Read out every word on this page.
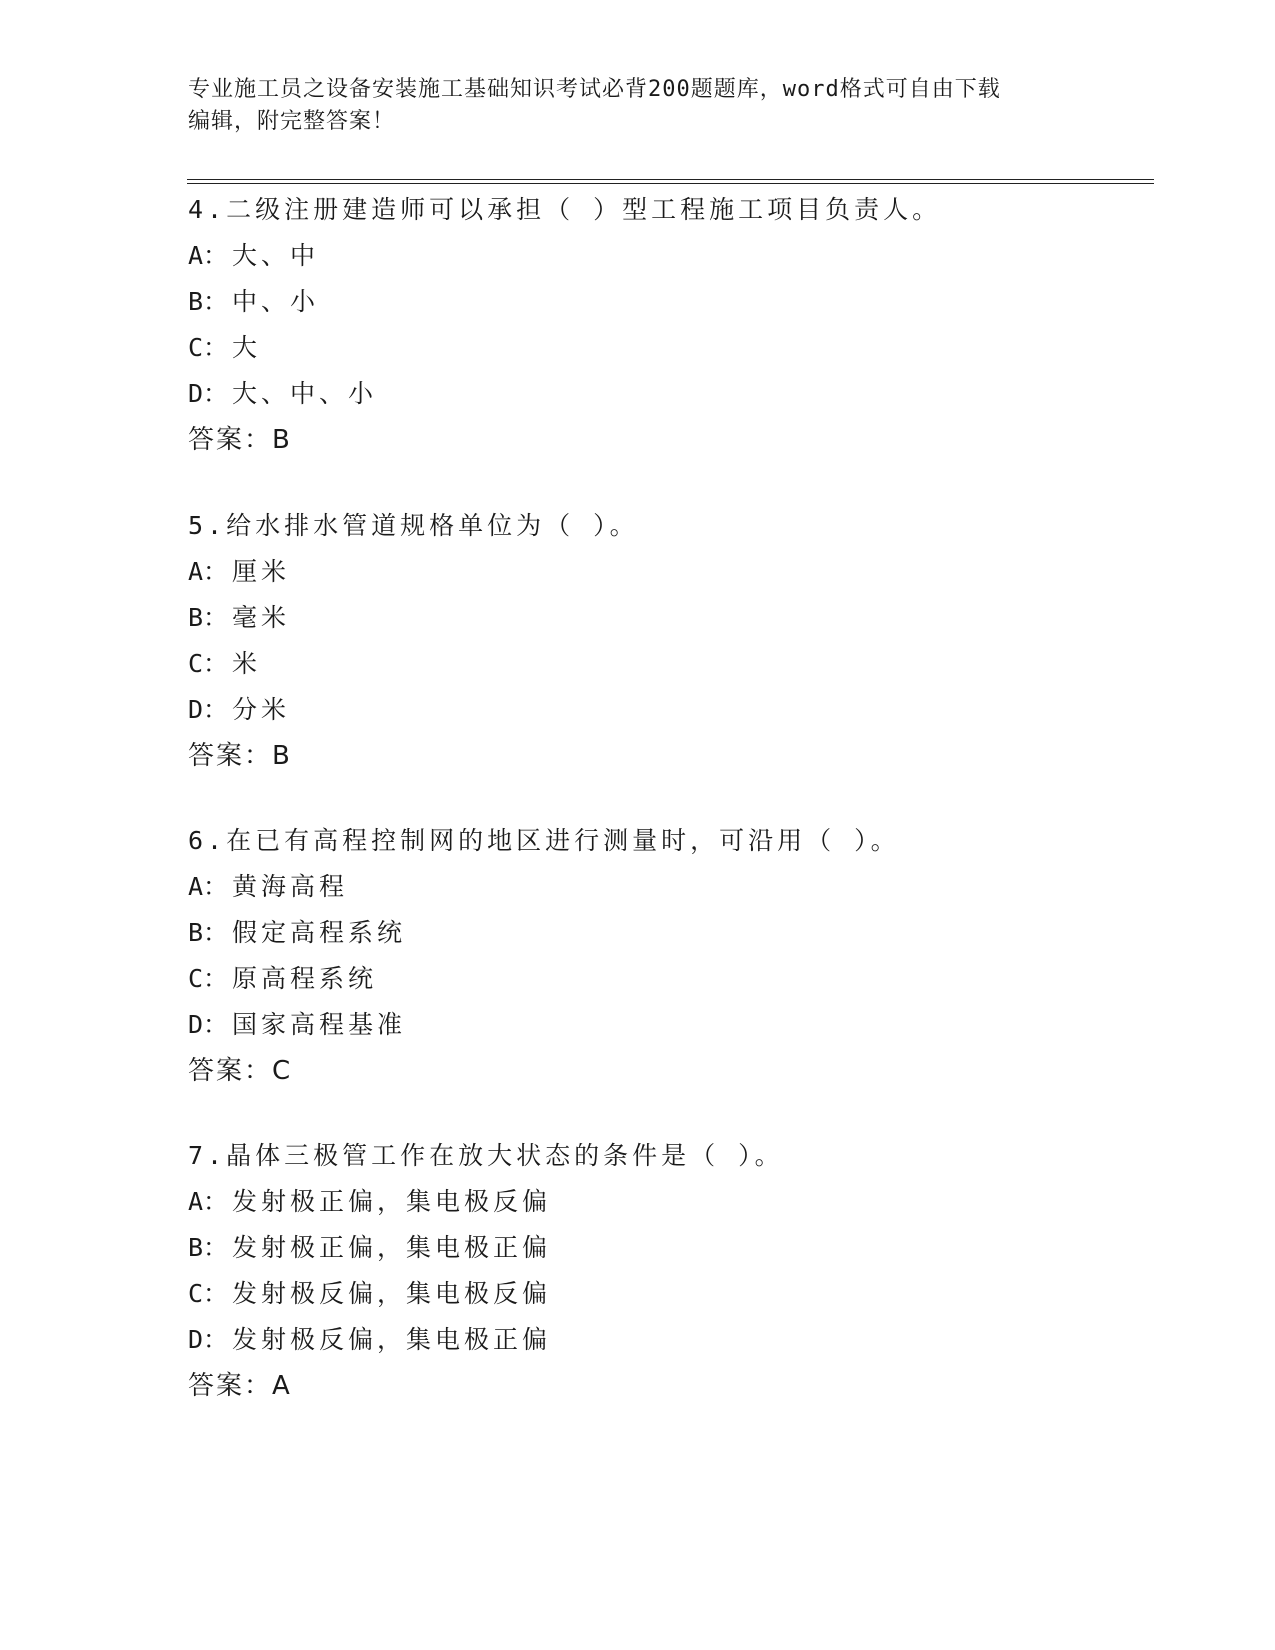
专业施工员之设备安装施工基础知识考试必背200题题库，word格式可自由下载
编辑，附完整答案！
4.二级注册建造师可以承担（ ）型工程施工项目负责人。
A： 大、中
B： 中、小
C： 大
D： 大、中、小
答案：B
5.给水排水管道规格单位为（ ）。
A： 厘米
B： 毫米
C： 米
D： 分米
答案：B
6.在已有高程控制网的地区进行测量时，可沿用（ ）。
A： 黄海高程
B： 假定高程系统
C： 原高程系统
D： 国家高程基准
答案：C
7.晶体三极管工作在放大状态的条件是（ ）。
A： 发射极正偏，集电极反偏
B： 发射极正偏，集电极正偏
C： 发射极反偏，集电极反偏
D： 发射极反偏，集电极正偏
答案：A
